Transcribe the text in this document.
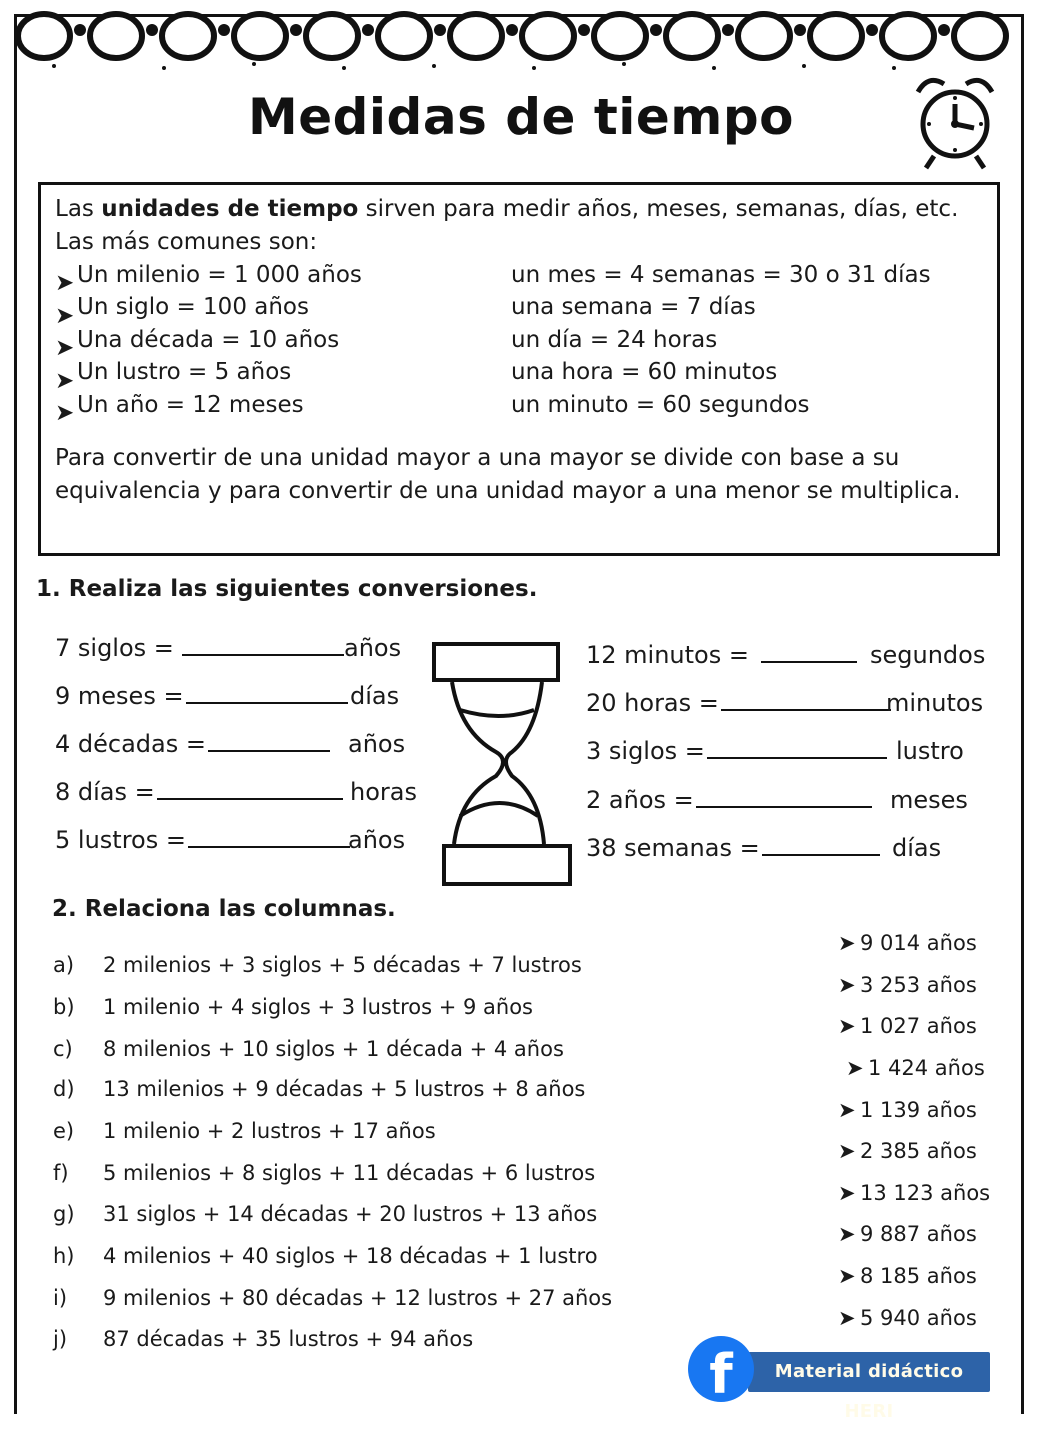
Medidas de tiempo

Las unidades de tiempo sirven para medir años, meses, semanas, días, etc. Las más comunes son:

➤ Un milenio = 1 000 años	un mes = 4 semanas = 30 o 31 días
➤ Un siglo = 100 años	una semana = 7 días
➤ Una década = 10 años	un día = 24 horas
➤ Un lustro = 5 años	una hora = 60 minutos
➤ Un año = 12 meses	un minuto = 60 segundos

Para convertir de una unidad mayor a una mayor se divide con base a su equivalencia y para convertir de una unidad mayor a una menor se multiplica.

1. Realiza las siguientes conversiones.
7 siglos =	años
9 meses =	días
4 décadas =	años
8 días =	horas
5 lustros =	años
12 minutos =	segundos
20 horas =	minutos
3 siglos =	lustro
2 años =	meses
38 semanas =	días
2. Relaciona las columnas.
a) 2 milenios + 3 siglos + 5 décadas + 7 lustros
b) 1 milenio + 4 siglos + 3 lustros + 9 años
c) 8 milenios + 10 siglos + 1 década + 4 años
d) 13 milenios + 9 décadas + 5 lustros + 8 años
e) 1 milenio + 2 lustros + 17 años
f) 5 milenios + 8 siglos + 11 décadas + 6 lustros
g) 31 siglos + 14 décadas + 20 lustros + 13 años
h) 4 milenios + 40 siglos + 18 décadas + 1 lustro
i) 9 milenios + 80 décadas + 12 lustros + 27 años
j) 87 décadas + 35 lustros + 94 años
➤ 9 014 años
➤ 3 253 años
➤ 1 027 años
➤ 1 424 años
➤ 1 139 años
➤ 2 385 años
➤ 13 123 años
➤ 9 887 años
➤ 8 185 años
➤ 5 940 años
Material didáctico HERI
f
